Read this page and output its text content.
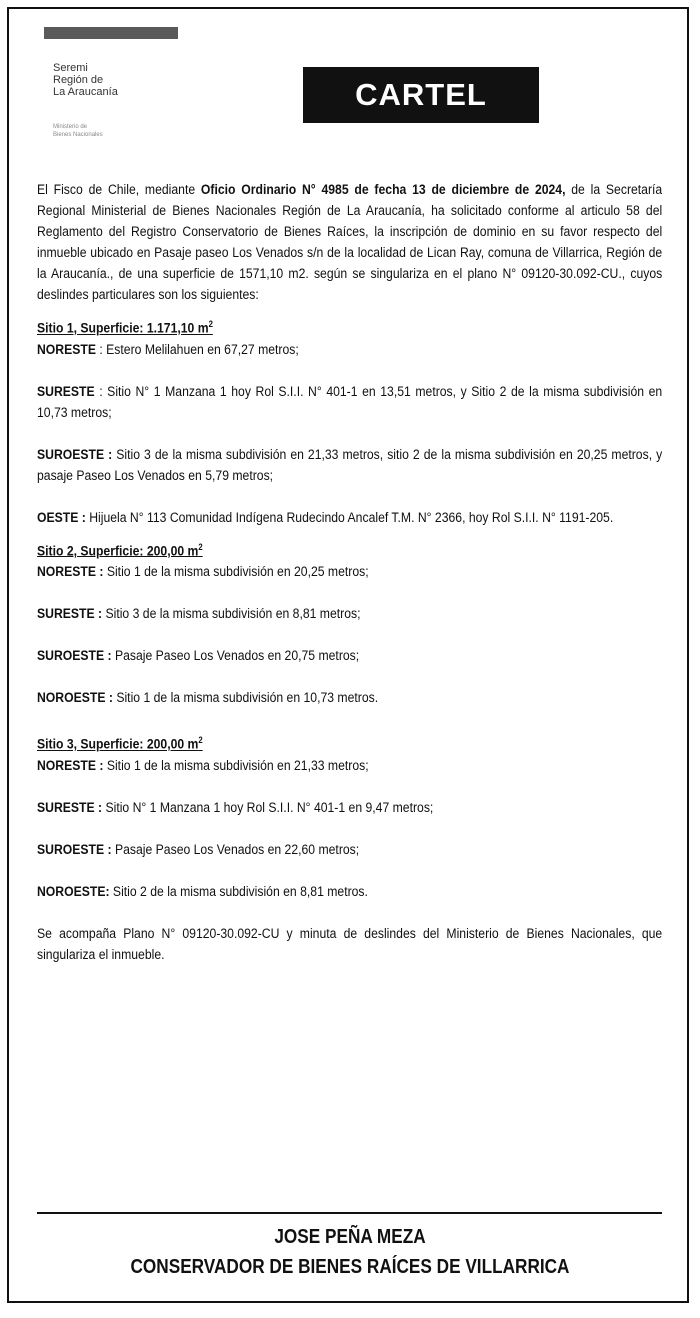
Seremi
Región de
La Araucanía
Ministerio de
Bienes Nacionales
CARTEL

El Fisco de Chile, mediante Oficio Ordinario N° 4985 de fecha 13 de diciembre de 2024, de la Secretaría Regional Ministerial de Bienes Nacionales Región de La Araucanía, ha solicitado conforme al articulo 58 del Reglamento del Registro Conservatorio de Bienes Raíces, la inscripción de dominio en su favor respecto del inmueble ubicado en Pasaje paseo Los Venados s/n de la localidad de Lican Ray, comuna de Villarrica, Región de la Araucanía., de una superficie de 1571,10 m2. según se singulariza en el plano N° 09120-30.092-CU., cuyos deslindes particulares son los siguientes:

Sitio 1, Superficie: 1.171,10 $m^2$

NORESTE : Estero Melilahuen en 67,27 metros;

SURESTE : Sitio N° 1 Manzana 1 hoy Rol S.I.I. N° 401-1 en 13,51 metros, y Sitio 2 de la misma subdivisión en 10,73 metros;

SUROESTE : Sitio 3 de la misma subdivisión en 21,33 metros, sitio 2 de la misma subdivisión en 20,25 metros, y pasaje Paseo Los Venados en 5,79 metros;

OESTE : Hijuela N° 113 Comunidad Indígena Rudecindo Ancalef T.M. N° 2366, hoy Rol S.I.I. N° 1191-205.

Sitio 2, Superficie: 200,00 $m^2$

NORESTE : Sitio 1 de la misma subdivisión en 20,25 metros;

SURESTE : Sitio 3 de la misma subdivisión en 8,81 metros;

SUROESTE : Pasaje Paseo Los Venados en 20,75 metros;

NOROESTE : Sitio 1 de la misma subdivisión en 10,73 metros.

Sitio 3, Superficie: 200,00 $m^2$

NORESTE : Sitio 1 de la misma subdivisión en 21,33 metros;

SURESTE : Sitio N° 1 Manzana 1 hoy Rol S.I.I. N° 401-1 en 9,47 metros;

SUROESTE : Pasaje Paseo Los Venados en 22,60 metros;

NOROESTE: Sitio 2 de la misma subdivisión en 8,81 metros.

Se acompaña Plano N° 09120-30.092-CU y minuta de deslindes del Ministerio de Bienes Nacionales, que singulariza el inmueble.

JOSE PEÑA MEZA
CONSERVADOR DE BIENES RAÍCES DE VILLARRICA
